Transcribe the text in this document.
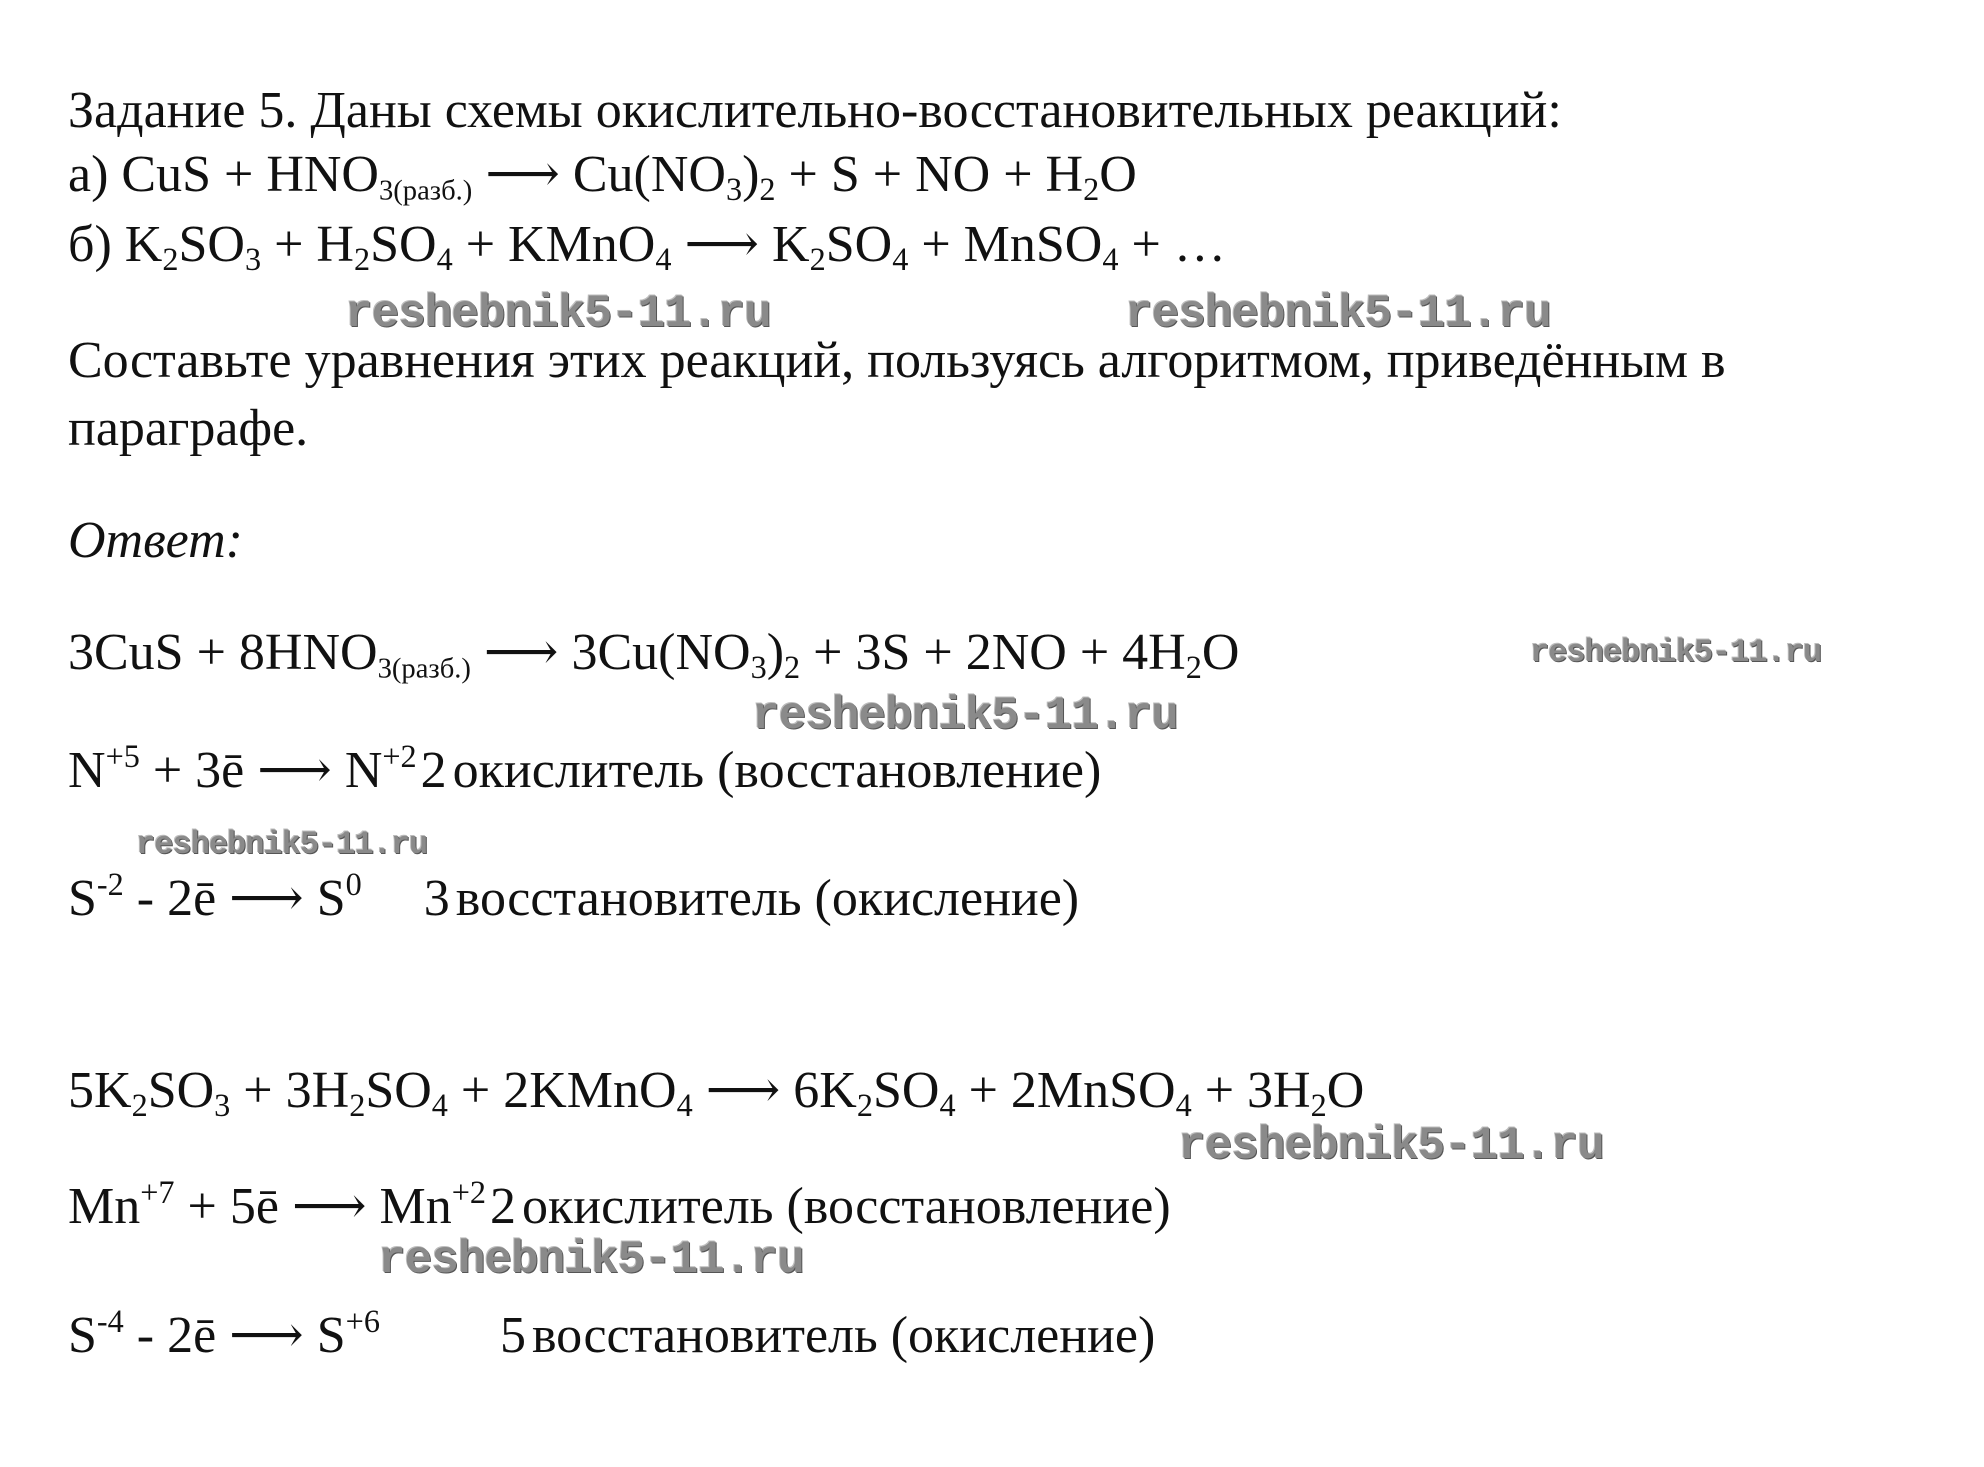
Задание 5. Даны схемы окислительно-восстановительных реакций:
а) CuS + $HNO_{3(разб.)}$ ⟶ $Cu(NO_3)_2 + S$ + NO + $H_2O$
б) $K_2SO_3 + H_2SO_4$ + KMnO$_4$ ⟶ $K_2SO_4$ + MnSO$_4$ + …
Составьте уравнения этих реакций, пользуясь алгоритмом, приведённым в
параграфе.
Ответ:
$3CuS + 8HNO_{3(разб.)}$ ⟶ $3Cu(NO_3)_2 + 3S + 2NO + 4H_2O$
$N^{+5}$ + 3ē ⟶ $N^{+2}2$ окислитель (восстановление)
$S^{-2}$ - 2ē ⟶ $S^0$ 3 восстановитель (окисление)
$5K_2SO_3 + 3H_2SO_4$ + 2KMnO$_4$ ⟶ $6K_2SO_4$ + 2MnSO$_4$ + $3H_2O$
$Mn^{+7}$ + 5ē ⟶ $Mn^{+2}2$ окислитель (восстановление)
$S^{-4}$ - 2ē ⟶ $S^{+6}$ 5 восстановитель (окисление)
reshebnik5-11.ru	reshebnik5-11.ru
reshebnik5-11.ru
reshebnik5-11.ru
reshebnik5-11.ru
reshebnik5-11.ru
reshebnik5-11.ru
